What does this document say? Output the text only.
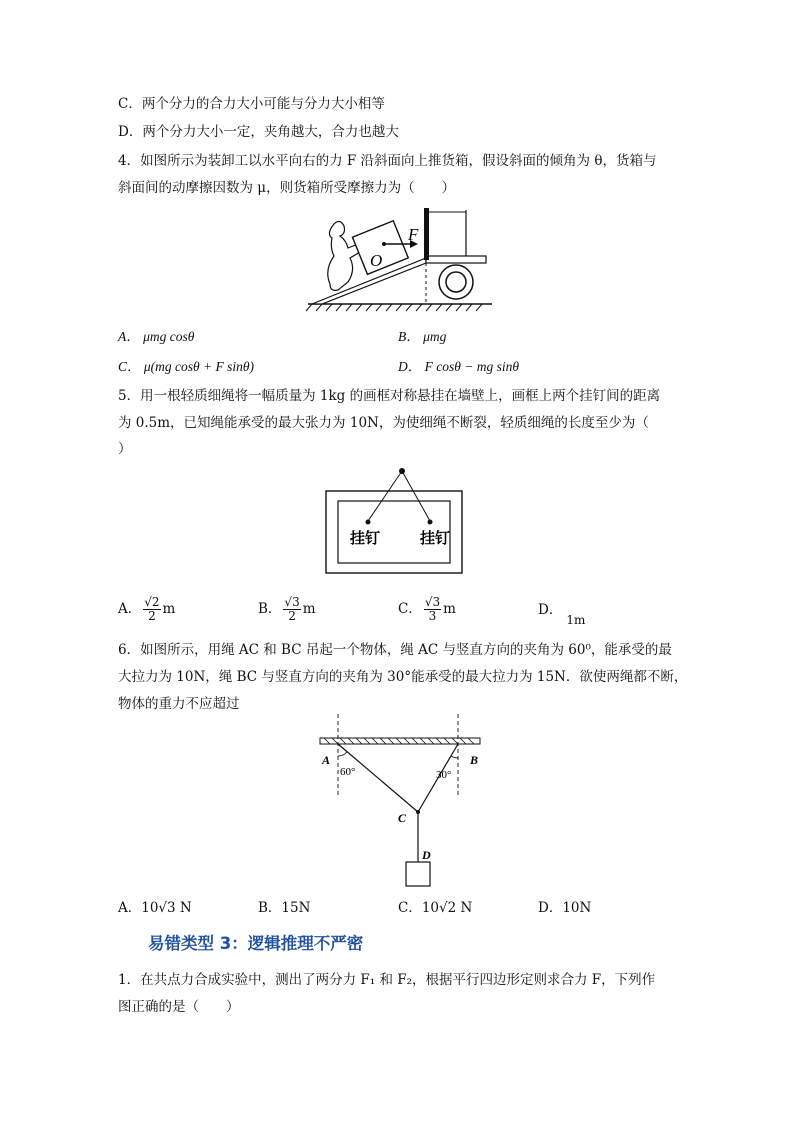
C．两个分力的合力大小可能与分力大小相等
D．两个分力大小一定，夹角越大，合力也越大
4．如图所示为装卸工以水平向右的力 F 沿斜面向上推货箱，假设斜面的倾角为 θ，货箱与
斜面间的动摩擦因数为 μ，则货箱所受摩擦力为（　　）
F
O
A． μmg cosθ	B． μmg
C． μ(mg cosθ + F sinθ)	D． F cosθ − mg sinθ
5．用一根轻质细绳将一幅质量为 1kg 的画框对称悬挂在墙壁上，画框上两个挂钉间的距离
为 0.5m，已知绳能承受的最大张力为 10N，为使细绳不断裂，轻质细绳的长度至少为（
）
挂钉	挂钉
A． $\frac{√2}{2}$ m	B． $\frac{√3}{2}$ m	C． $\frac{√3}{3}$ m	D．1m
6．如图所示，用绳 AC 和 BC 吊起一个物体，绳 AC 与竖直方向的夹角为 60⁰，能承受的最
大拉力为 10N，绳 BC 与竖直方向的夹角为 30°能承受的最大拉力为 15N．欲使两绳都不断，
物体的重力不应超过
A
60°
B
30°
C
D
A．10√3 N	B．15N	C．10√2 N	D．10N
易错类型 3：逻辑推理不严密
1．在共点力合成实验中，测出了两分力 F₁ 和 F₂，根据平行四边形定则求合力 F，下列作
图正确的是（　　）
